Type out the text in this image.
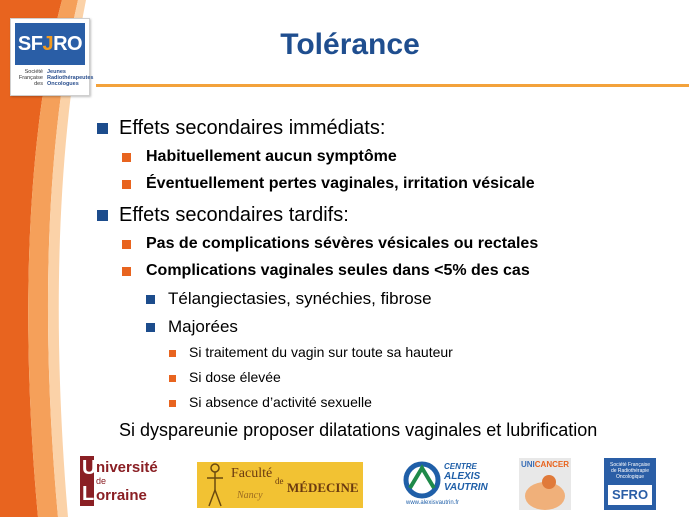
SFJRO
Société
Française
des
Jeunes
Radiothérapeutes
Oncologues
Tolérance
Effets secondaires immédiats:
Habituellement aucun symptôme
Éventuellement pertes vaginales, irritation vésicale
Effets secondaires tardifs:
Pas de complications sévères vésicales ou rectales
Complications vaginales seules dans <5% des cas
Télangiectasies, synéchies, fibrose
Majorées
Si traitement du vagin sur toute sa hauteur
Si dose élevée
Si absence d’activité sexuelle
Si dyspareunie proposer dilatations vaginales et lubrification
U niversité
de
L orraine
Faculté de MÉDECINE
Nancy
CENTRE
ALEXIS
VAUTRIN
www.alexisvautrin.fr
UNICANCER	Société Française
de Radiothérapie
Oncologique
SFRO
